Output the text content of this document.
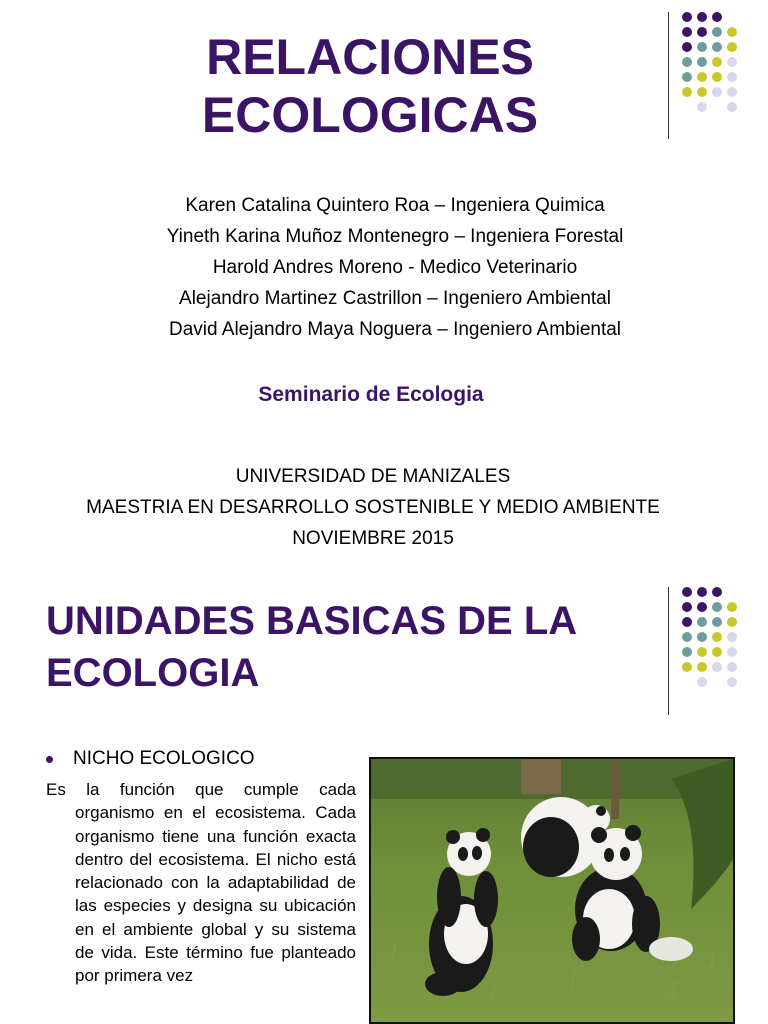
RELACIONES
ECOLOGICAS
Karen Catalina Quintero Roa – Ingeniera Quimica
Yineth Karina Muñoz Montenegro – Ingeniera Forestal
Harold Andres Moreno - Medico Veterinario
Alejandro Martinez Castrillon – Ingeniero Ambiental
David Alejandro Maya Noguera – Ingeniero Ambiental
Seminario de Ecologia
UNIVERSIDAD DE MANIZALES
MAESTRIA EN DESARROLLO SOSTENIBLE Y MEDIO AMBIENTE
NOVIEMBRE 2015
UNIDADES BASICAS DE LA
ECOLOGIA
NICHO ECOLOGICO
Es la función que cumple cada organismo en el ecosistema. Cada organismo tiene una función exacta dentro del ecosistema. El nicho está relacionado con la adaptabilidad de las especies y designa su ubicación en el ambiente global y su sistema de vida. Este término fue planteado por primera vez
